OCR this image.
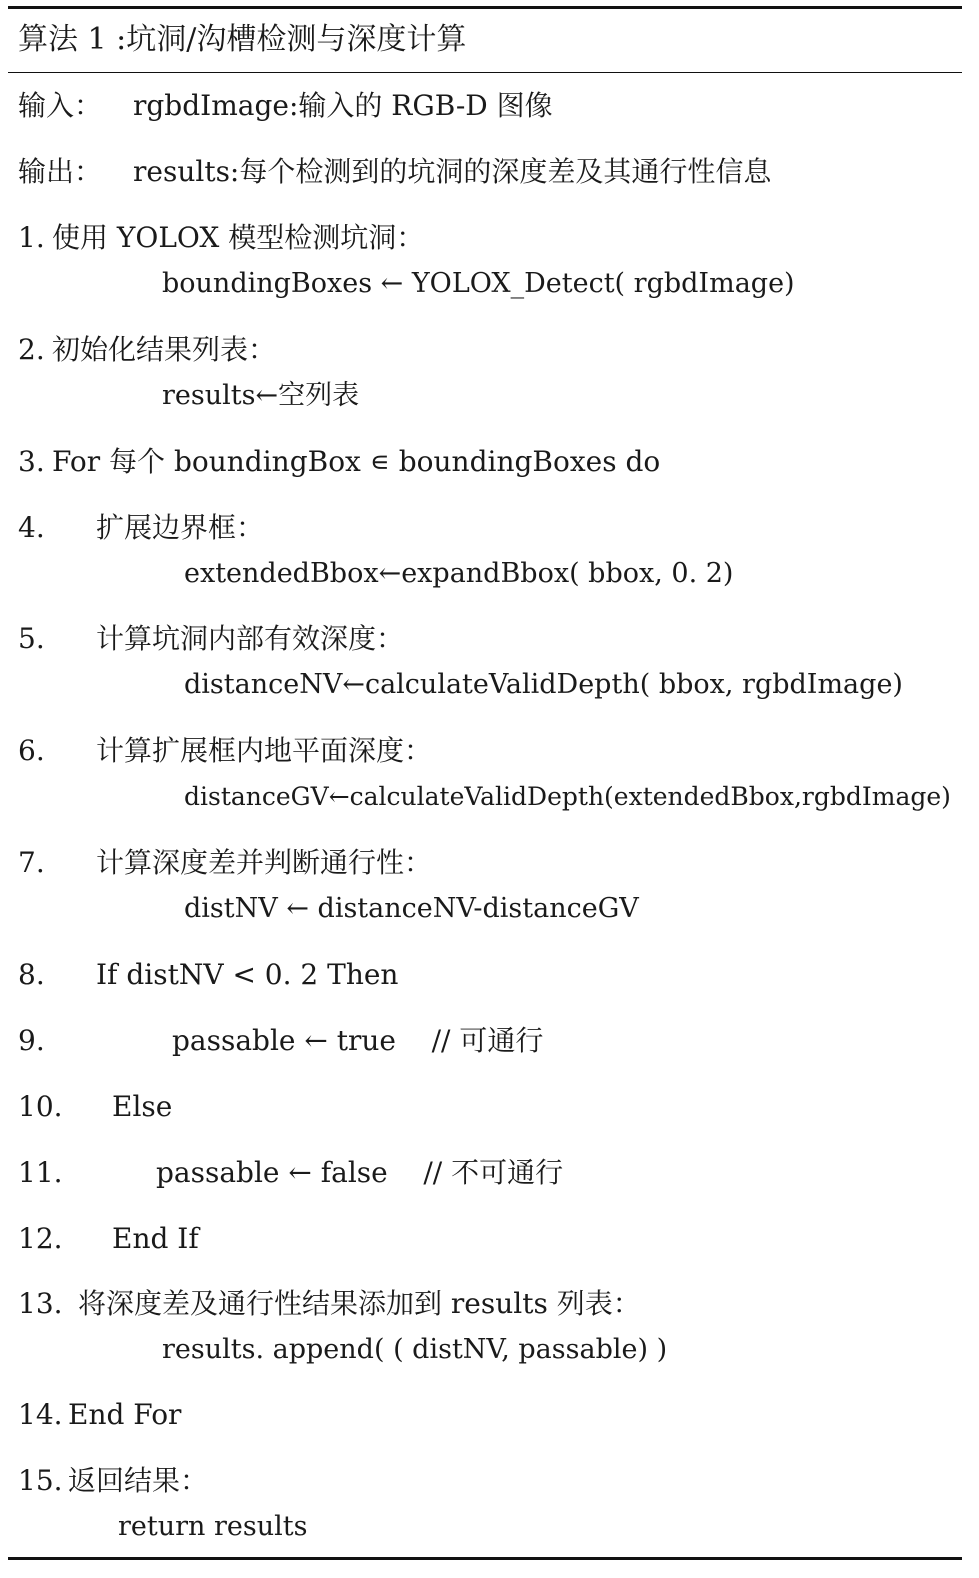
算法 1 :坑洞/沟槽检测与深度计算
输入： rgbdImage:输入的 RGB-D 图像
输出： results:每个检测到的坑洞的深度差及其通行性信息
1. 使用 YOLOX 模型检测坑洞：
boundingBoxes ← YOLOX_Detect( rgbdImage)
2. 初始化结果列表：
results←空列表
3. For 每个 boundingBox ∊ boundingBoxes do
4. 扩展边界框：
extendedBbox←expandBbox( bbox, 0. 2)
5. 计算坑洞内部有效深度：
distanceNV←calculateValidDepth( bbox, rgbdImage)
6. 计算扩展框内地平面深度：
distanceGV←calculateValidDepth(extendedBbox,rgbdImage)
7. 计算深度差并判断通行性：
distNV ← distanceNV-distanceGV
8. If distNV < 0. 2 Then
9.	passable ← true    // 可通行
10. Else
11.	passable ← false    // 不可通行
12. End If
13. 将深度差及通行性结果添加到 results 列表：
results. append( ( distNV, passable) )
14. End For
15. 返回结果：
return results
